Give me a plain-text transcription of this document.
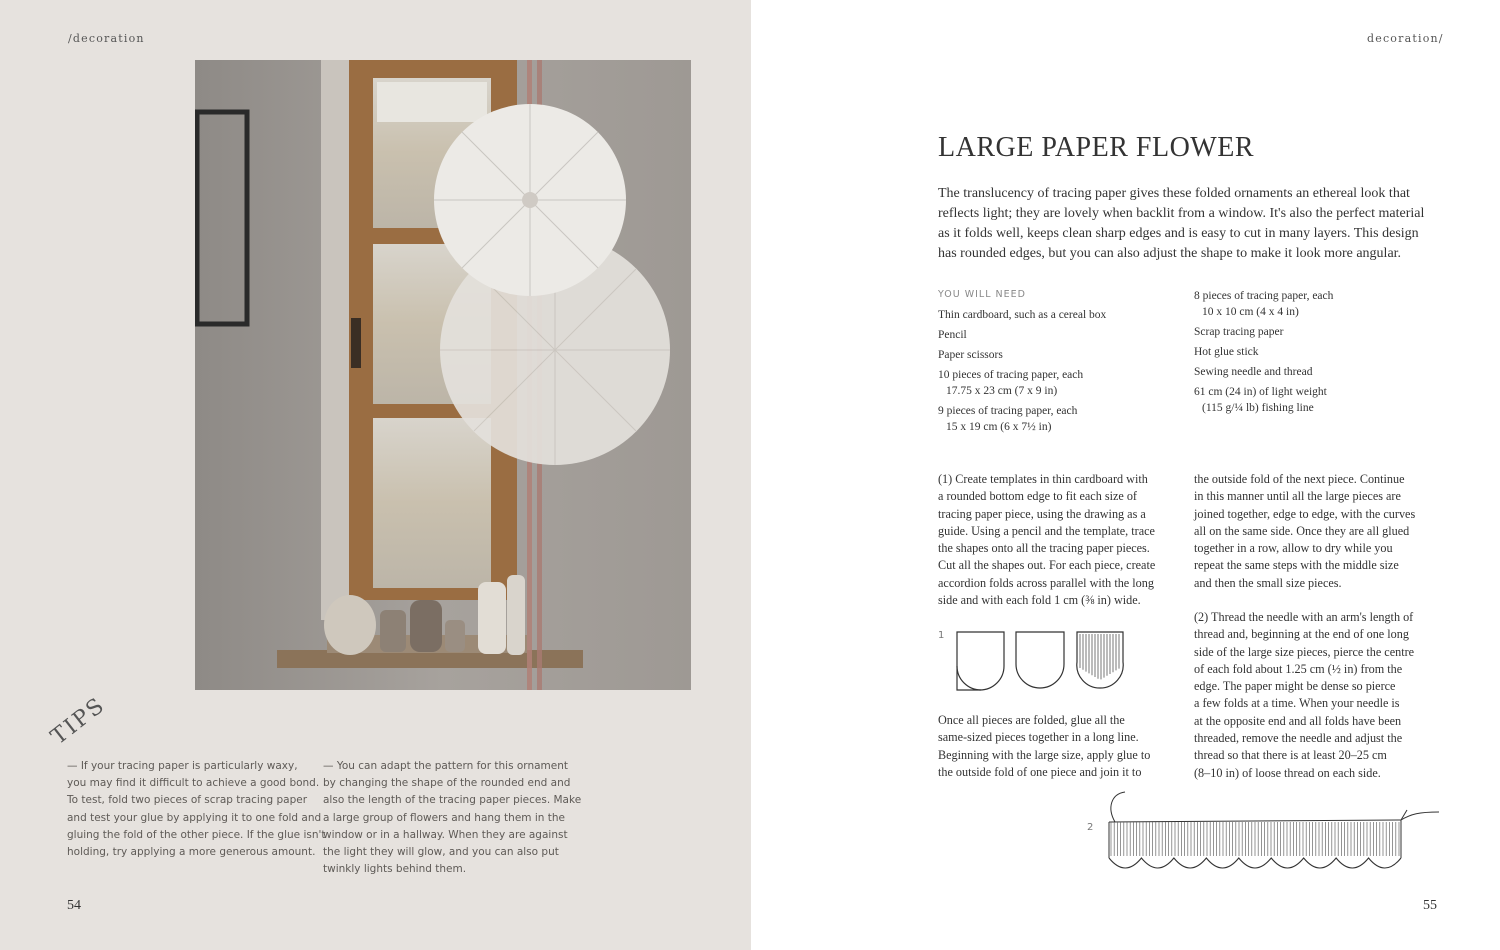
/decoration
TIPS
— If your tracing paper is particularly waxy,
you may find it difficult to achieve a good bond.
To test, fold two pieces of scrap tracing paper
and test your glue by applying it to one fold and
gluing the fold of the other piece. If the glue isn't
holding, try applying a more generous amount.
— You can adapt the pattern for this ornament
by changing the shape of the rounded end and
also the length of the tracing paper pieces. Make
a large group of flowers and hang them in the
window or in a hallway. When they are against
the light they will glow, and you can also put
twinkly lights behind them.
54
decoration/
LARGE PAPER FLOWER
The translucency of tracing paper gives these folded ornaments an ethereal look that
reflects light; they are lovely when backlit from a window. It's also the perfect material
as it folds well, keeps clean sharp edges and is easy to cut in many layers. This design
has rounded edges, but you can also adjust the shape to make it look more angular.
YOU WILL NEED
Thin cardboard, such as a cereal box
Pencil
Paper scissors
10 pieces of tracing paper, each
17.75 x 23 cm (7 x 9 in)
9 pieces of tracing paper, each
15 x 19 cm (6 x 7½ in)
8 pieces of tracing paper, each
10 x 10 cm (4 x 4 in)
Scrap tracing paper
Hot glue stick
Sewing needle and thread
61 cm (24 in) of light weight
(115 g/¼ lb) fishing line
(1) Create templates in thin cardboard with
a rounded bottom edge to fit each size of
tracing paper piece, using the drawing as a
guide. Using a pencil and the template, trace
the shapes onto all the tracing paper pieces.
Cut all the shapes out. For each piece, create
accordion folds across parallel with the long
side and with each fold 1 cm (⅜ in) wide.
1
Once all pieces are folded, glue all the
same-sized pieces together in a long line.
Beginning with the large size, apply glue to
the outside fold of one piece and join it to
the outside fold of the next piece. Continue
in this manner until all the large pieces are
joined together, edge to edge, with the curves
all on the same side. Once they are all glued
together in a row, allow to dry while you
repeat the same steps with the middle size
and then the small size pieces.
(2) Thread the needle with an arm's length of
thread and, beginning at the end of one long
side of the large size pieces, pierce the centre
of each fold about 1.25 cm (½ in) from the
edge. The paper might be dense so pierce
a few folds at a time. When your needle is
at the opposite end and all folds have been
threaded, remove the needle and adjust the
thread so that there is at least 20–25 cm
(8–10 in) of loose thread on each side.
2
55
